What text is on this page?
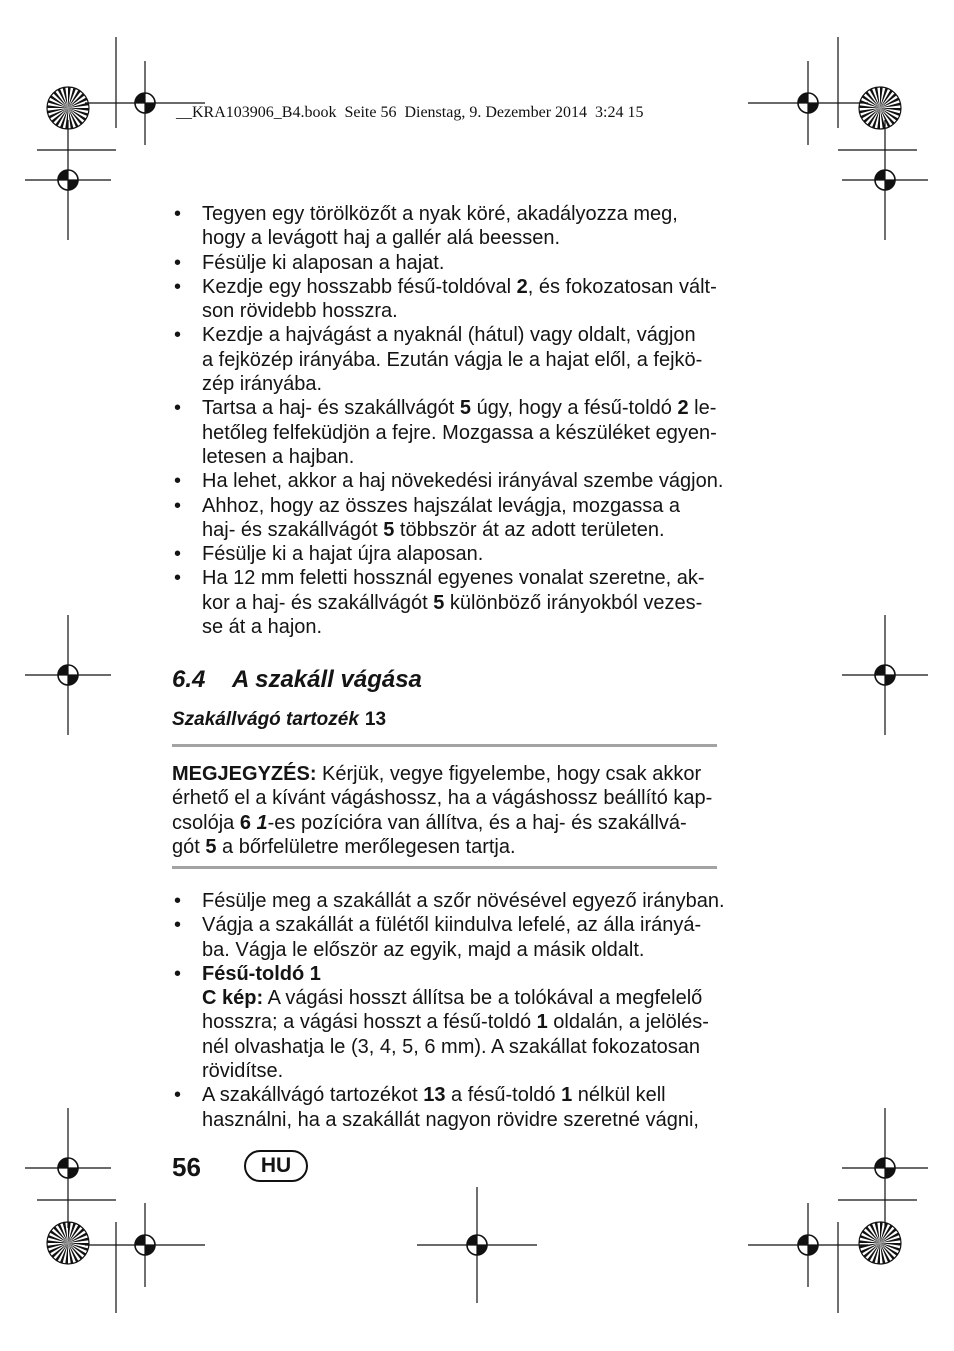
__KRA103906_B4.book  Seite 56  Dienstag, 9. Dezember 2014  3:24 15
•
Tegyen egy törölközőt a nyak köré, akadályozza meg,
hogy a levágott haj a gallér alá beessen.
•
Fésülje ki alaposan a hajat.
•
Kezdje egy hosszabb fésű-toldóval 2, és fokozatosan vált-
son rövidebb hosszra.
•
Kezdje a hajvágást a nyaknál (hátul) vagy oldalt, vágjon
a fejközép irányába. Ezután vágja le a hajat elől, a fejkö-
zép irányába.
•
Tartsa a haj- és szakállvágót 5 úgy, hogy a fésű-toldó 2 le-
hetőleg felfeküdjön a fejre. Mozgassa a készüléket egyen-
letesen a hajban.
•
Ha lehet, akkor a haj növekedési irányával szembe vágjon.
•
Ahhoz, hogy az összes hajszálat levágja, mozgassa a
haj- és szakállvágót 5 többször át az adott területen.
•
Fésülje ki a hajat újra alaposan.
•
Ha 12 mm feletti hossznál egyenes vonalat szeretne, ak-
kor a haj- és szakállvágót 5 különböző irányokból vezes-
se át a hajon.
6.4 A szakáll vágása
Szakállvágó tartozék 13
MEGJEGYZÉS: Kérjük, vegye figyelembe, hogy csak akkor
érhető el a kívánt vágáshossz, ha a vágáshossz beállító kap-
csolója 6 1-es pozícióra van állítva, és a haj- és szakállvá-
gót 5 a bőrfelületre merőlegesen tartja.
•
Fésülje meg a szakállát a szőr növésével egyező irányban.
•
Vágja a szakállát a fülétől kiindulva lefelé, az álla irányá-
ba. Vágja le először az egyik, majd a másik oldalt.
•
Fésű-toldó 1
C kép: A vágási hosszt állítsa be a tolókával a megfelelő
hosszra; a vágási hosszt a fésű-toldó 1 oldalán, a jelölés-
nél olvashatja le (3, 4, 5, 6 mm). A szakállat fokozatosan
rövidítse.
•
A szakállvágó tartozékot 13 a fésű-toldó 1 nélkül kell
használni, ha a szakállát nagyon rövidre szeretné vágni,
56	HU
